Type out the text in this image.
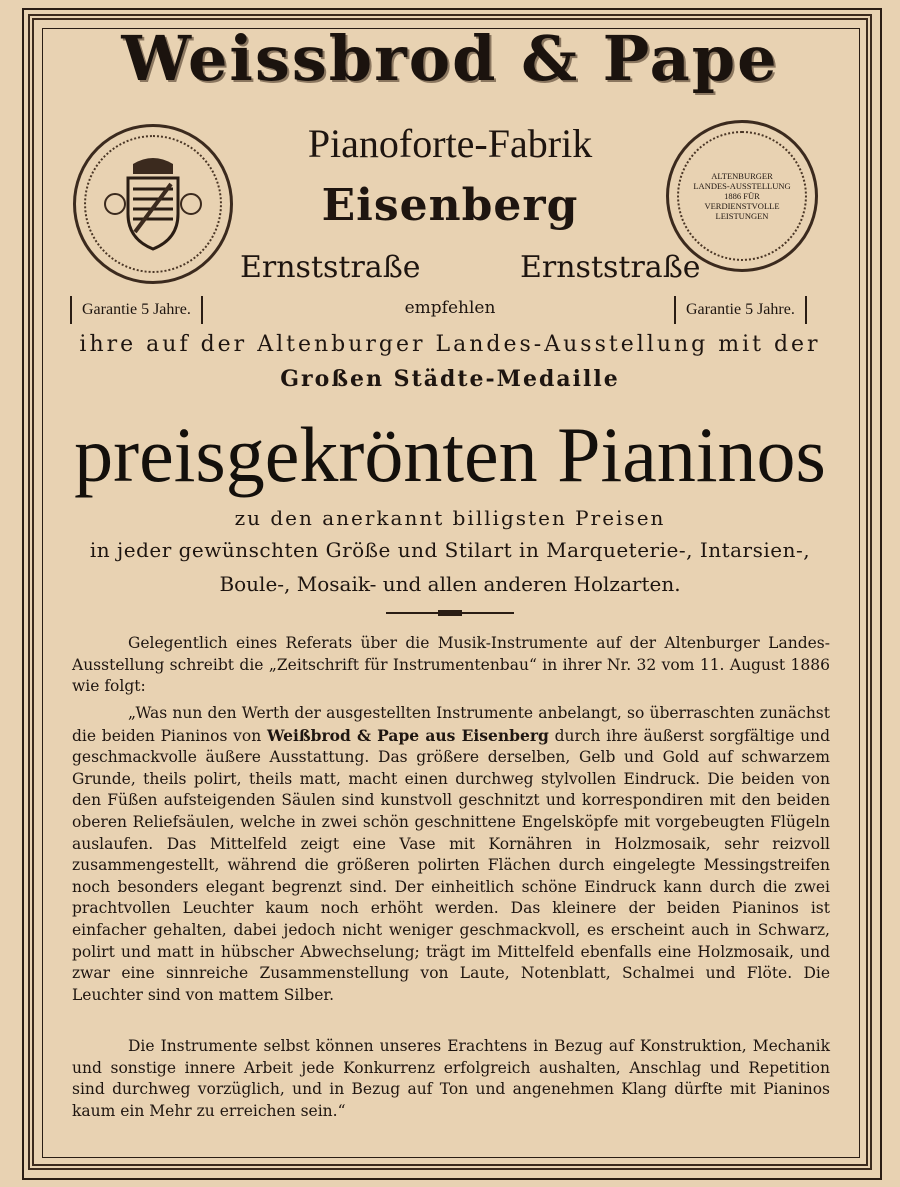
Weissbrod & Pape
Pianoforte-Fabrik
Eisenberg
ALTENBURGER LANDES-AUSSTELLUNG 1886 FÜR VERDIENSTVOLLE LEISTUNGEN
Ernststraße	Ernststraße
Garantie 5 Jahre.	empfehlen	Garantie 5 Jahre.
ihre auf der Altenburger Landes-Ausstellung mit der
Großen Städte-Medaille
preisgekrönten Pianinos
zu den anerkannt billigsten Preisen
in jeder gewünschten Größe und Stilart in Marqueterie-, Intarsien-,
Boule-, Mosaik- und allen anderen Holzarten.
Gelegentlich eines Referats über die Musik-Instrumente auf der Altenburger Landes-Ausstellung schreibt die „Zeitschrift für Instrumentenbau“ in ihrer Nr. 32 vom 11. August 1886 wie folgt:
„Was nun den Werth der ausgestellten Instrumente anbelangt, so überraschten zunächst die beiden Pianinos von Weißbrod & Pape aus Eisenberg durch ihre äußerst sorgfältige und geschmackvolle äußere Ausstattung. Das größere derselben, Gelb und Gold auf schwarzem Grunde, theils polirt, theils matt, macht einen durchweg stylvollen Eindruck. Die beiden von den Füßen aufsteigenden Säulen sind kunstvoll geschnitzt und korrespondiren mit den beiden oberen Reliefsäulen, welche in zwei schön geschnittene Engelsköpfe mit vorgebeugten Flügeln auslaufen. Das Mittelfeld zeigt eine Vase mit Kornähren in Holzmosaik, sehr reizvoll zusammengestellt, während die größeren polirten Flächen durch eingelegte Messingstreifen noch besonders elegant begrenzt sind. Der einheitlich schöne Eindruck kann durch die zwei prachtvollen Leuchter kaum noch erhöht werden. Das kleinere der beiden Pianinos ist einfacher gehalten, dabei jedoch nicht weniger geschmackvoll, es erscheint auch in Schwarz, polirt und matt in hübscher Abwechselung; trägt im Mittelfeld ebenfalls eine Holzmosaik, und zwar eine sinnreiche Zusammenstellung von Laute, Notenblatt, Schalmei und Flöte. Die Leuchter sind von mattem Silber.
Die Instrumente selbst können unseres Erachtens in Bezug auf Konstruktion, Mechanik und sonstige innere Arbeit jede Konkurrenz erfolgreich aushalten, Anschlag und Repetition sind durchweg vorzüglich, und in Bezug auf Ton und angenehmen Klang dürfte mit Pianinos kaum ein Mehr zu erreichen sein.“
